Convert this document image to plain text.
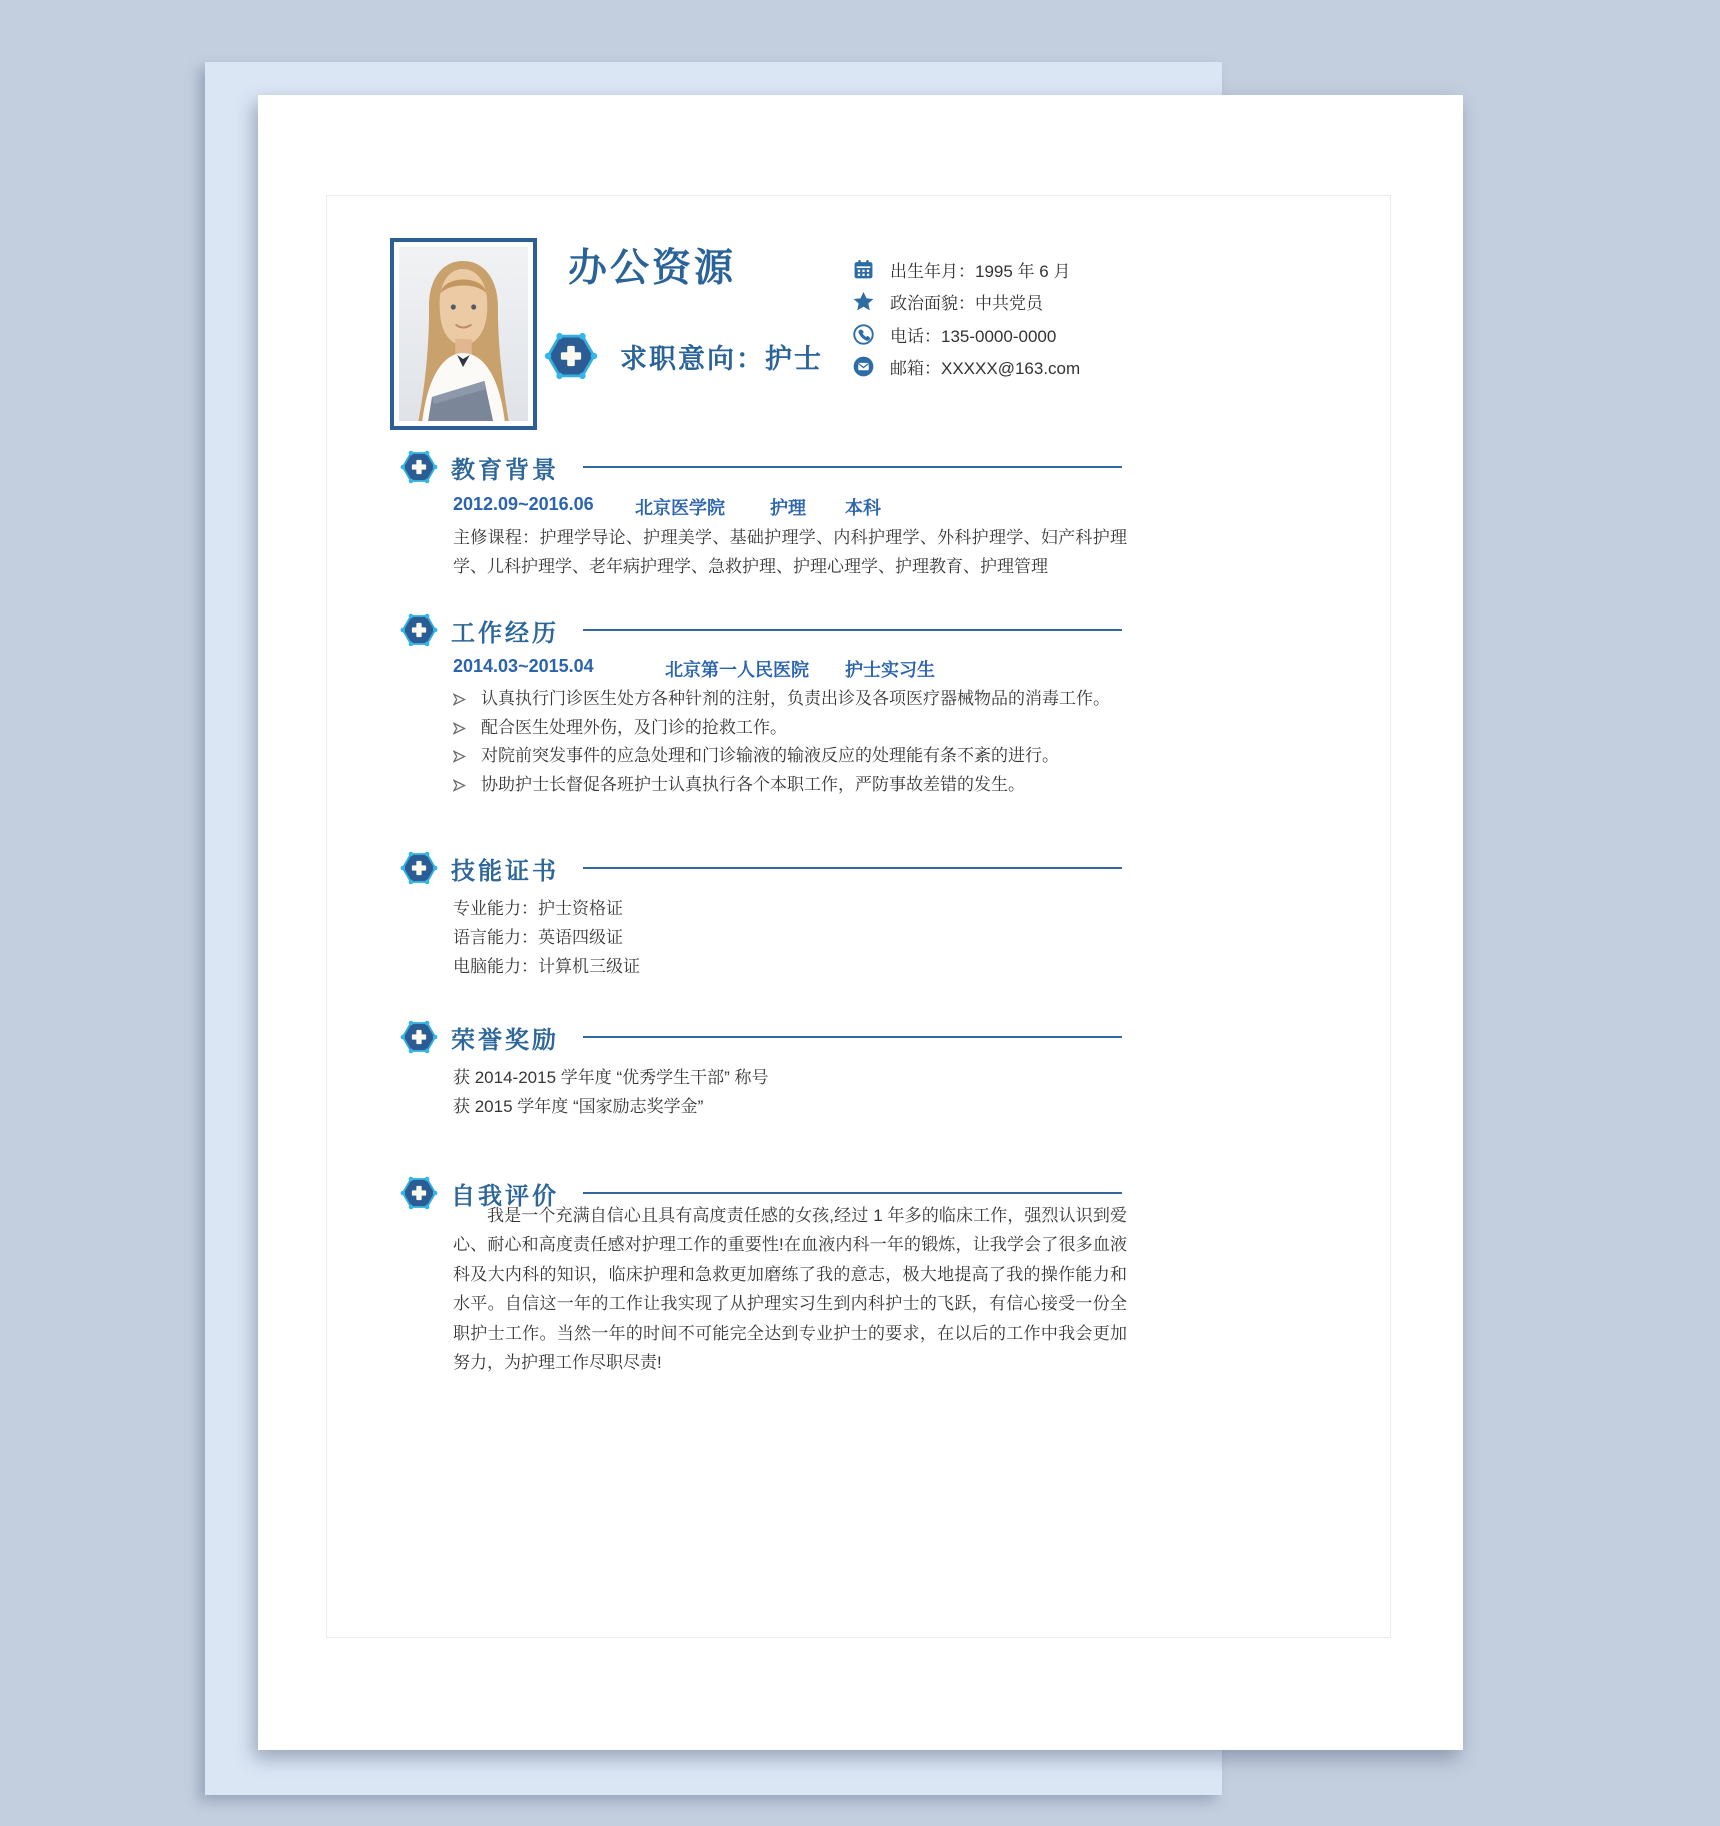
办公资源
求职意向：护士
出生年月：1995 年 6 月
政治面貌：中共党员
电话：135-0000-0000
邮箱：XXXXX@163.com
教育背景
2012.09~2016.06	北京医学院	护理	本科
主修课程：护理学导论、护理美学、基础护理学、内科护理学、外科护理学、妇产科护理学、儿科护理学、老年病护理学、急救护理、护理心理学、护理教育、护理管理
工作经历
2014.03~2015.04	北京第一人民医院	护士实习生
认真执行门诊医生处方各种针剂的注射，负责出诊及各项医疗器械物品的消毒工作。
配合医生处理外伤，及门诊的抢救工作。
对院前突发事件的应急处理和门诊输液的输液反应的处理能有条不紊的进行。
协助护士长督促各班护士认真执行各个本职工作，严防事故差错的发生。
技能证书
专业能力：护士资格证
语言能力：英语四级证
电脑能力：计算机三级证
荣誉奖励
获 2014-2015 学年度 “优秀学生干部” 称号
获 2015 学年度 “国家励志奖学金”
自我评价

我是一个充满自信心且具有高度责任感的女孩,经过 1 年多的临床工作，强烈认识到爱心、耐心和高度责任感对护理工作的重要性!在血液内科一年的锻炼，让我学会了很多血液科及大内科的知识，临床护理和急救更加磨练了我的意志，极大地提高了我的操作能力和水平。自信这一年的工作让我实现了从护理实习生到内科护士的飞跃，有信心接受一份全职护士工作。当然一年的时间不可能完全达到专业护士的要求，在以后的工作中我会更加努力，为护理工作尽职尽责!
